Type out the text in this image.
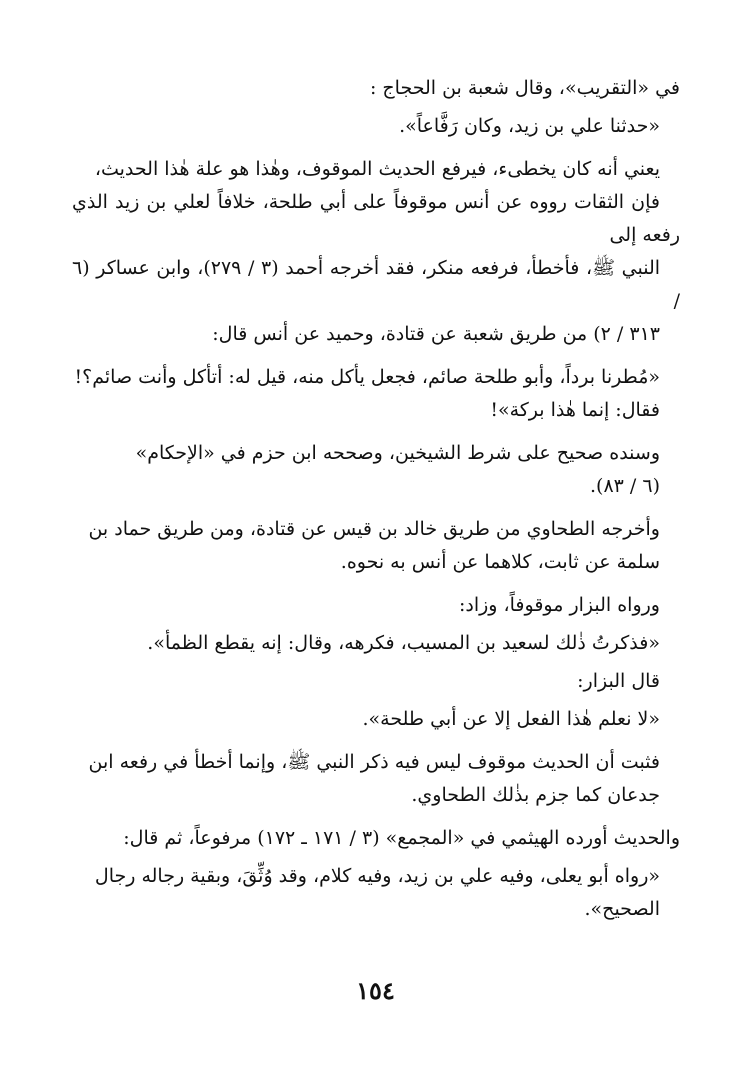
في «التقريب»، وقال شعبة بن الحجاج :
«حدثنا علي بن زيد، وكان رَفَّاعاً».
يعني أنه كان يخطىء، فيرفع الحديث الموقوف، وهٰذا هو علة هٰذا الحديث،
فإن الثقات رووه عن أنس موقوفاً على أبي طلحة، خلافاً لعلي بن زيد الذي رفعه إلى
النبي ﷺ، فأخطأ، فرفعه منكر، فقد أخرجه أحمد (٣ / ٢٧٩)، وابن عساكر (٦ /
٣١٣ / ٢) من طريق شعبة عن قتادة، وحميد عن أنس قال:
«مُطرنا برداً، وأبو طلحة صائم، فجعل يأكل منه، قيل له: أتأكل وأنت صائم؟!
فقال: إنما هٰذا بركة»!
وسنده صحيح على شرط الشيخين، وصححه ابن حزم في «الإحكام»
(٦ / ٨٣).
وأخرجه الطحاوي من طريق خالد بن قيس عن قتادة، ومن طريق حماد بن
سلمة عن ثابت، كلاهما عن أنس به نحوه.
ورواه البزار موقوفاً، وزاد:
«فذكرتُ ذٰلك لسعيد بن المسيب، فكرهه، وقال: إنه يقطع الظمأ».
قال البزار:
«لا نعلم هٰذا الفعل إلا عن أبي طلحة».
فثبت أن الحديث موقوف ليس فيه ذكر النبي ﷺ، وإنما أخطأ في رفعه ابن
جدعان كما جزم بذٰلك الطحاوي.
والحديث أورده الهيثمي في «المجمع» (٣ / ١٧١ ـ ١٧٢) مرفوعاً، ثم قال:
«رواه أبو يعلى، وفيه علي بن زيد، وفيه كلام، وقد وُثِّقَ، وبقية رجاله رجال
الصحيح».
١٥٤
